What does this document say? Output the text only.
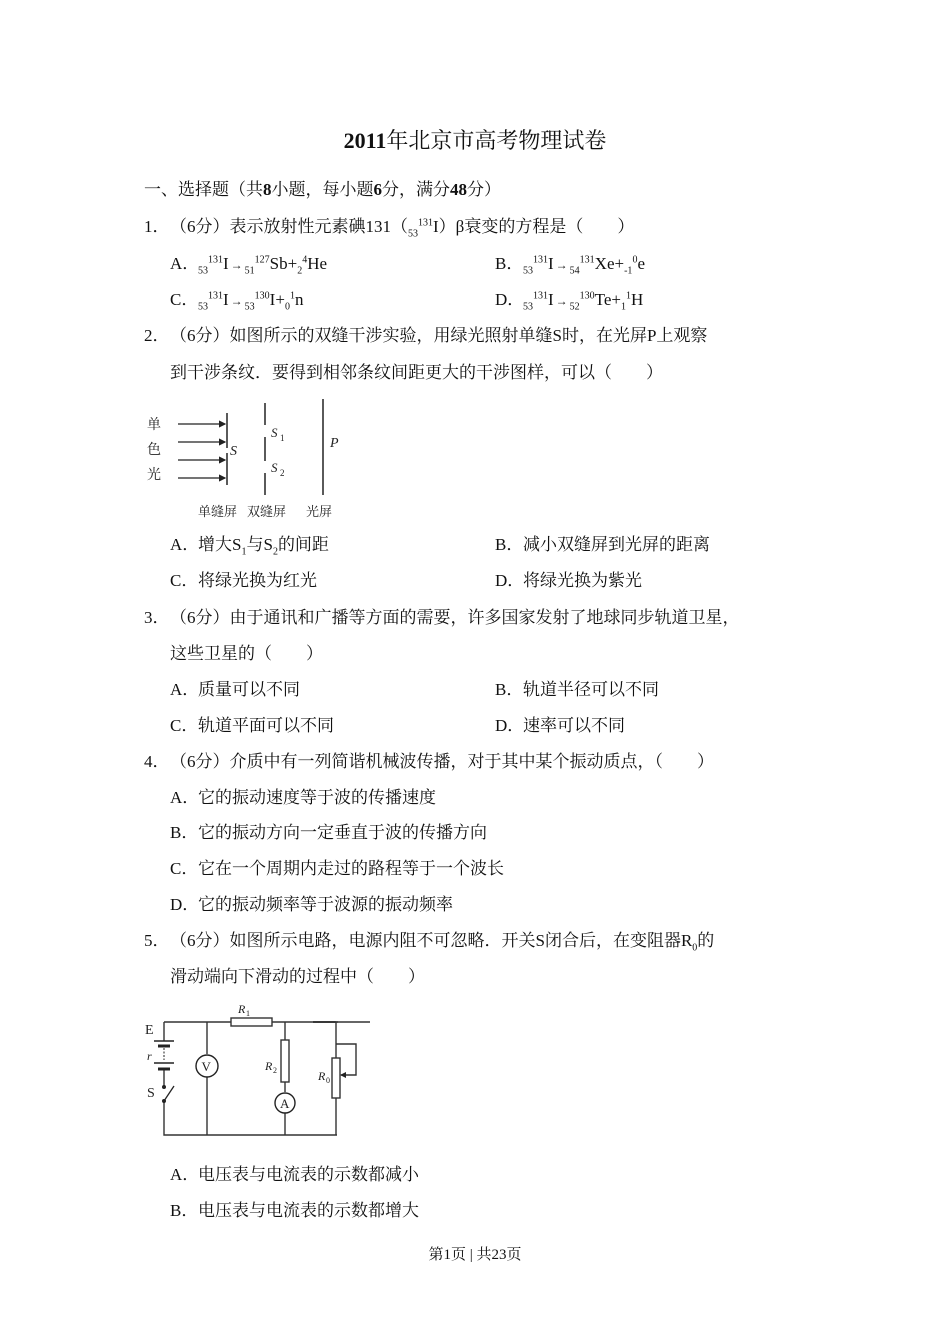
2011年北京市高考物理试卷
一、选择题（共8小题，每小题6分，满分48分）
1．（6分）表示放射性元素碘$131(_{53}^{131}I)\beta$衰变的方程是（　　）
A．$_{53}^{131}I \to _{51}^{127}Sb+_2^4He$	B．$_{53}^{131}I \to _{54}^{131}Xe+_{-1}^0e$
C．$_{53}^{131}I \to _{53}^{130}I+_0^1n$	D．$_{53}^{131}I \to _{52}^{130}Te+_1^1H$
2．（6分）如图所示的双缝干涉实验，用绿光照射单缝S时，在光屏P上观察
到干涉条纹．要得到相邻条纹间距更大的干涉图样，可以（　　）
单
色
光
S
S 1
S 2
P
单缝屏 双缝屏 光屏
A．增大$S_1$与$S_2$的间距	B．减小双缝屏到光屏的距离
C．将绿光换为红光	D．将绿光换为紫光
3．（6分）由于通讯和广播等方面的需要，许多国家发射了地球同步轨道卫星，
这些卫星的（　　）
A．质量可以不同	B．轨道半径可以不同
C．轨道平面可以不同	D．速率可以不同
4．（6分）介质中有一列简谐机械波传播，对于其中某个振动质点，（　　）
A．它的振动速度等于波的传播速度
B．它的振动方向一定垂直于波的传播方向
C．它在一个周期内走过的路程等于一个波长
D．它的振动频率等于波源的振动频率
5．（6分）如图所示电路，电源内阻不可忽略．开关S闭合后，在变阻器$R_0$的
滑动端向下滑动的过程中（　　）
E
r
S
V
R 1
R 2
A
R 0
A．电压表与电流表的示数都减小
B．电压表与电流表的示数都增大
第1页 | 共23页
